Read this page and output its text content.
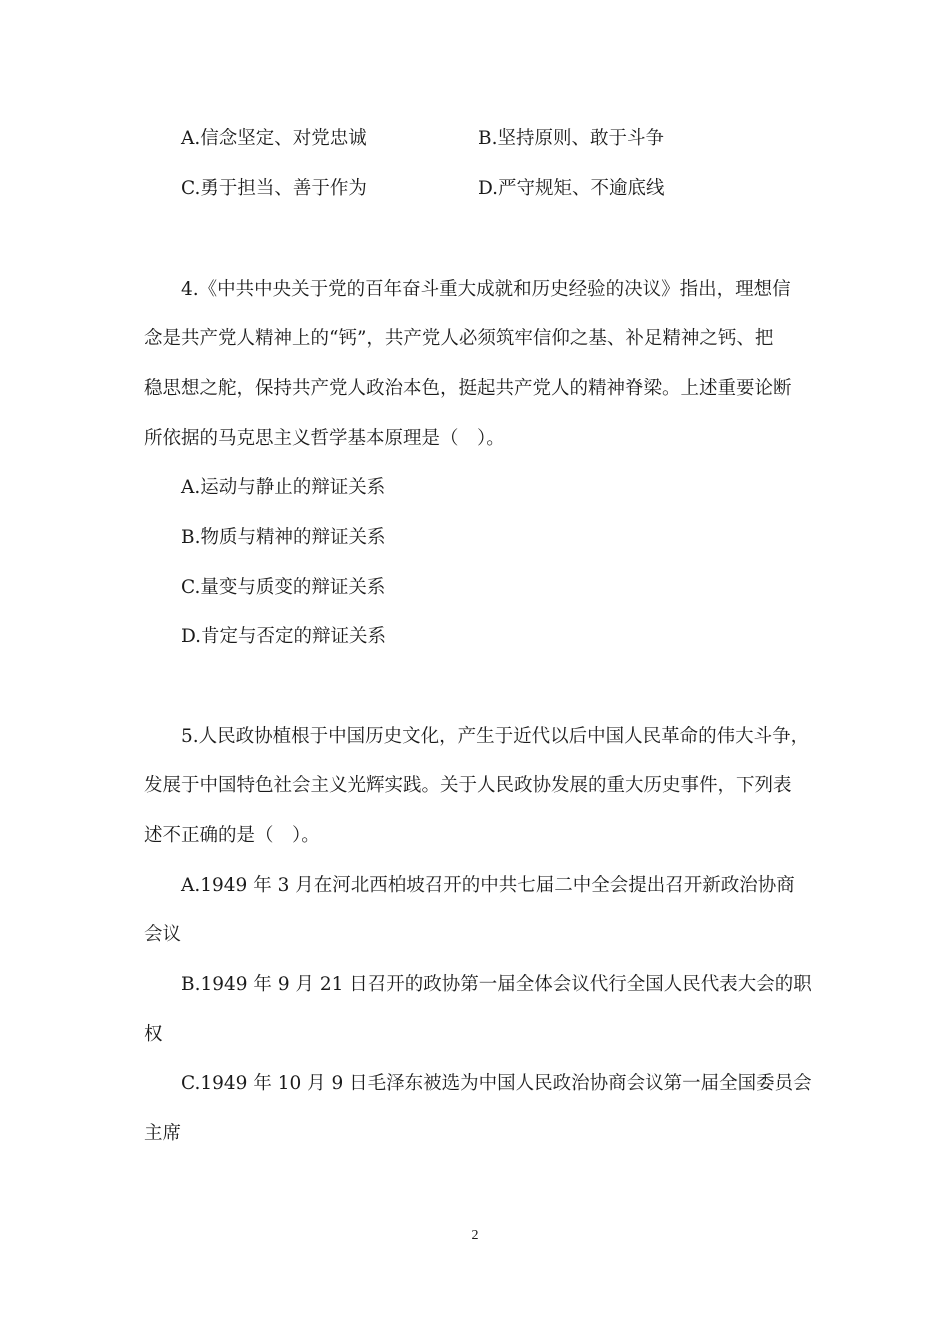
A.信念坚定、对党忠诚	B.坚持原则、敢于斗争
C.勇于担当、善于作为	D.严守规矩、不逾底线
4.《中共中央关于党的百年奋斗重大成就和历史经验的决议》指出，理想信
念是共产党人精神上的“钙”，共产党人必须筑牢信仰之基、补足精神之钙、把
稳思想之舵，保持共产党人政治本色，挺起共产党人的精神脊梁。上述重要论断
所依据的马克思主义哲学基本原理是（　）。
A.运动与静止的辩证关系
B.物质与精神的辩证关系
C.量变与质变的辩证关系
D.肯定与否定的辩证关系
5.人民政协植根于中国历史文化，产生于近代以后中国人民革命的伟大斗争，
发展于中国特色社会主义光辉实践。关于人民政协发展的重大历史事件，下列表
述不正确的是（　）。
A.1949 年 3 月在河北西柏坡召开的中共七届二中全会提出召开新政治协商
会议
B.1949 年 9 月 21 日召开的政协第一届全体会议代行全国人民代表大会的职
权
C.1949 年 10 月 9 日毛泽东被选为中国人民政治协商会议第一届全国委员会
主席
2
